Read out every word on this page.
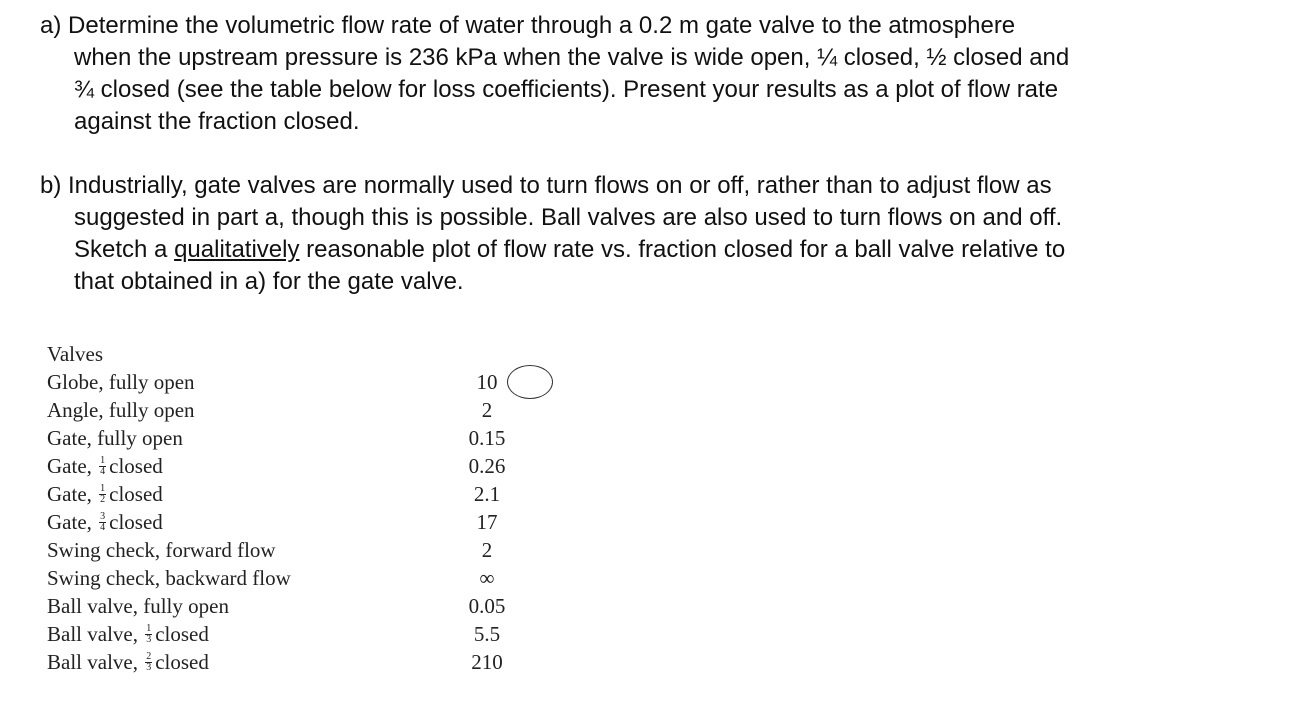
a) Determine the volumetric flow rate of water through a 0.2 m gate valve to the atmosphere
when the upstream pressure is 236 kPa when the valve is wide open, ¼ closed, ½ closed and
¾ closed (see the table below for loss coefficients). Present your results as a plot of flow rate
against the fraction closed.
b) Industrially, gate valves are normally used to turn flows on or off, rather than to adjust flow as
suggested in part a, though this is possible. Ball valves are also used to turn flows on and off.
Sketch a qualitatively reasonable plot of flow rate vs. fraction closed for a ball valve relative to
that obtained in a) for the gate valve.
Valves
Globe, fully open	10
Angle, fully open	2
Gate, fully open	0.15
Gate, $\frac{1}{4}$ closed	0.26
Gate, $\frac{1}{2}$ closed	2.1
Gate, $\frac{3}{4}$ closed	17
Swing check, forward flow	2
Swing check, backward flow	∞
Ball valve, fully open	0.05
Ball valve, $\frac{1}{3}$ closed	5.5
Ball valve, $\frac{2}{3}$ closed	210
